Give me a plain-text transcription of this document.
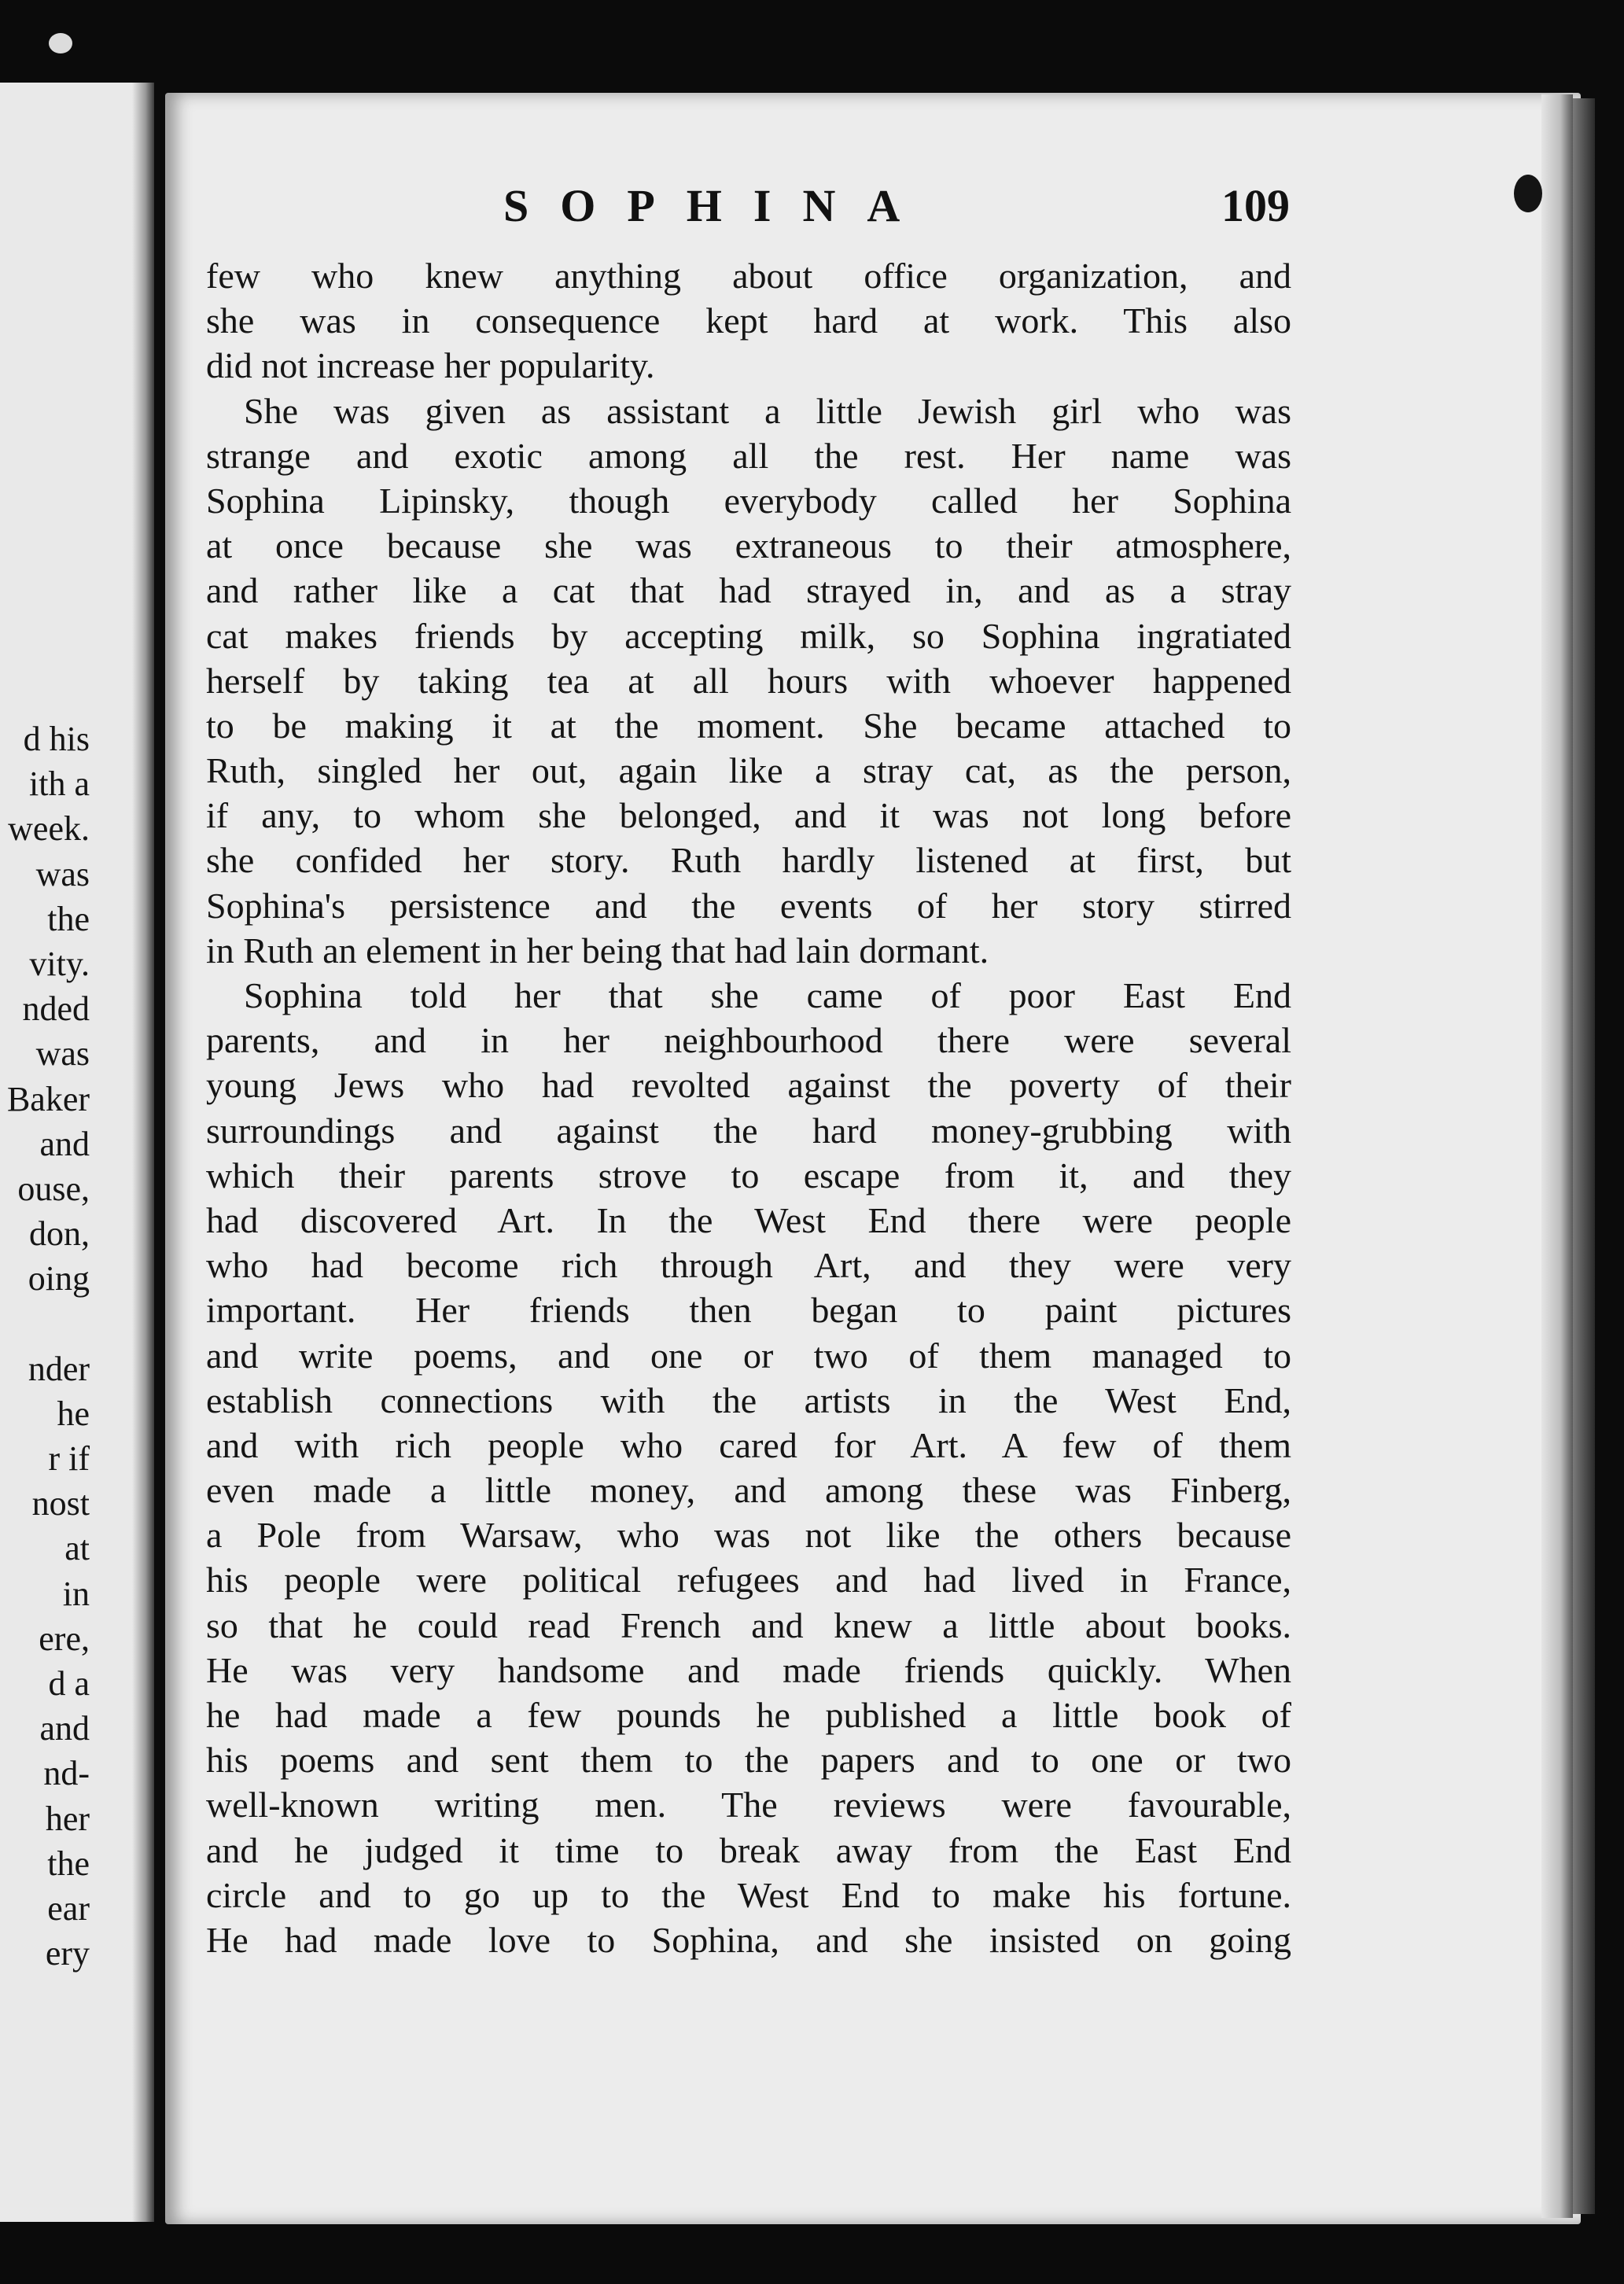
d his
ith a
week.
was
the
vity.
nded
was
Baker
and
ouse,
don,
oing
nder
he
r if
nost
at
in
ere,
d a
and
nd-
her
the
ear
ery
SOPHINA	109
few who knew anything about office organization, and
she was in consequence kept hard at work. This also
did not increase her popularity.
She was given as assistant a little Jewish girl who was
strange and exotic among all the rest. Her name was
Sophina Lipinsky, though everybody called her Sophina
at once because she was extraneous to their atmosphere,
and rather like a cat that had strayed in, and as a stray
cat makes friends by accepting milk, so Sophina ingratiated
herself by taking tea at all hours with whoever happened
to be making it at the moment. She became attached to
Ruth, singled her out, again like a stray cat, as the person,
if any, to whom she belonged, and it was not long before
she confided her story. Ruth hardly listened at first, but
Sophina's persistence and the events of her story stirred
in Ruth an element in her being that had lain dormant.
Sophina told her that she came of poor East End
parents, and in her neighbourhood there were several
young Jews who had revolted against the poverty of their
surroundings and against the hard money-grubbing with
which their parents strove to escape from it, and they
had discovered Art. In the West End there were people
who had become rich through Art, and they were very
important. Her friends then began to paint pictures
and write poems, and one or two of them managed to
establish connections with the artists in the West End,
and with rich people who cared for Art. A few of them
even made a little money, and among these was Finberg,
a Pole from Warsaw, who was not like the others because
his people were political refugees and had lived in France,
so that he could read French and knew a little about books.
He was very handsome and made friends quickly. When
he had made a few pounds he published a little book of
his poems and sent them to the papers and to one or two
well-known writing men. The reviews were favourable,
and he judged it time to break away from the East End
circle and to go up to the West End to make his fortune.
He had made love to Sophina, and she insisted on going
